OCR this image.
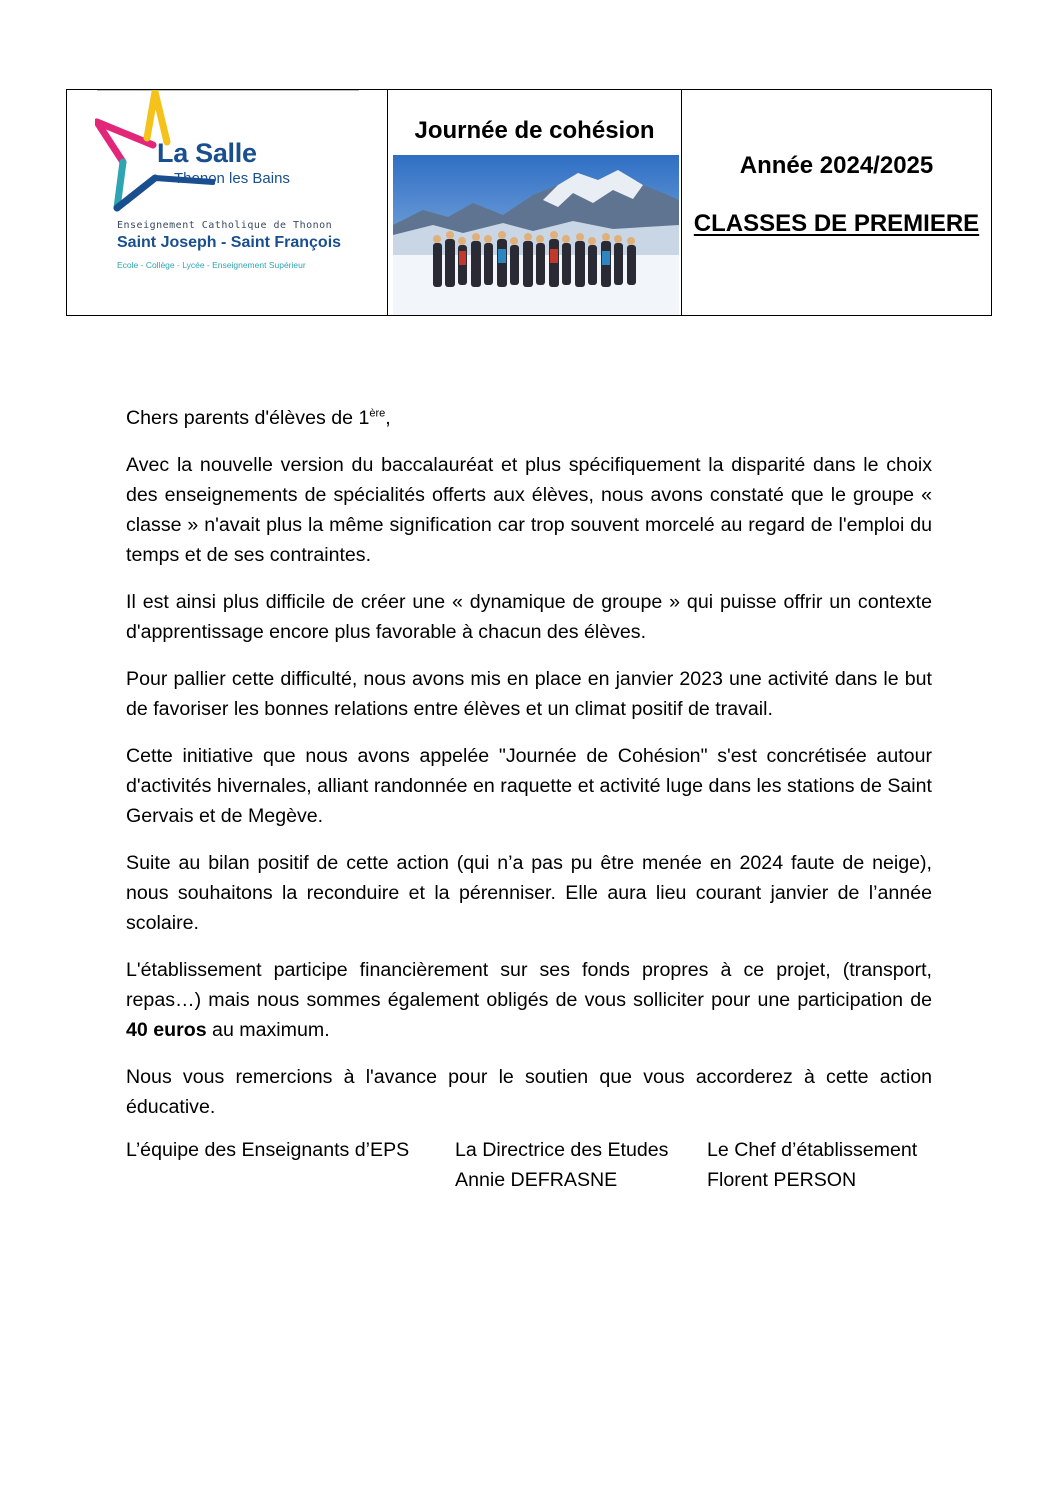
La Salle
Thonon les Bains
Enseignement Catholique de Thonon
Saint Joseph - Saint François
Ecole - Collège - Lycée - Enseignement Supérieur
Journée de cohésion
Année 2024/2025
CLASSES DE PREMIERE

Chers parents d'élèves de 1ère,

Avec la nouvelle version du baccalauréat et plus spécifiquement la disparité dans le choix des enseignements de spécialités offerts aux élèves, nous avons constaté que le groupe « classe » n'avait plus la même signification car trop souvent morcelé au regard de l'emploi du temps et de ses contraintes.

Il est ainsi plus difficile de créer une « dynamique de groupe » qui puisse offrir un contexte d'apprentissage encore plus favorable à chacun des élèves.

Pour pallier cette difficulté, nous avons mis en place en janvier 2023 une activité dans le but de favoriser les bonnes relations entre élèves et un climat positif de travail.

Cette initiative que nous avons appelée "Journée de Cohésion" s'est concrétisée autour d'activités hivernales, alliant randonnée en raquette et activité luge dans les stations de Saint Gervais et de Megève.

Suite au bilan positif de cette action (qui n’a pas pu être menée en 2024 faute de neige), nous souhaitons la reconduire et la pérenniser. Elle aura lieu courant janvier de l’année scolaire.

L'établissement participe financièrement sur ses fonds propres à ce projet, (transport, repas…) mais nous sommes également obligés de vous solliciter pour une participation de 40 euros au maximum.

Nous vous remercions à l'avance pour le soutien que vous accorderez à cette action éducative.

L’équipe des Enseignants d’EPS La Directrice des Etudes
Annie DEFRASNE
Le Chef d’établissement
Florent PERSON
